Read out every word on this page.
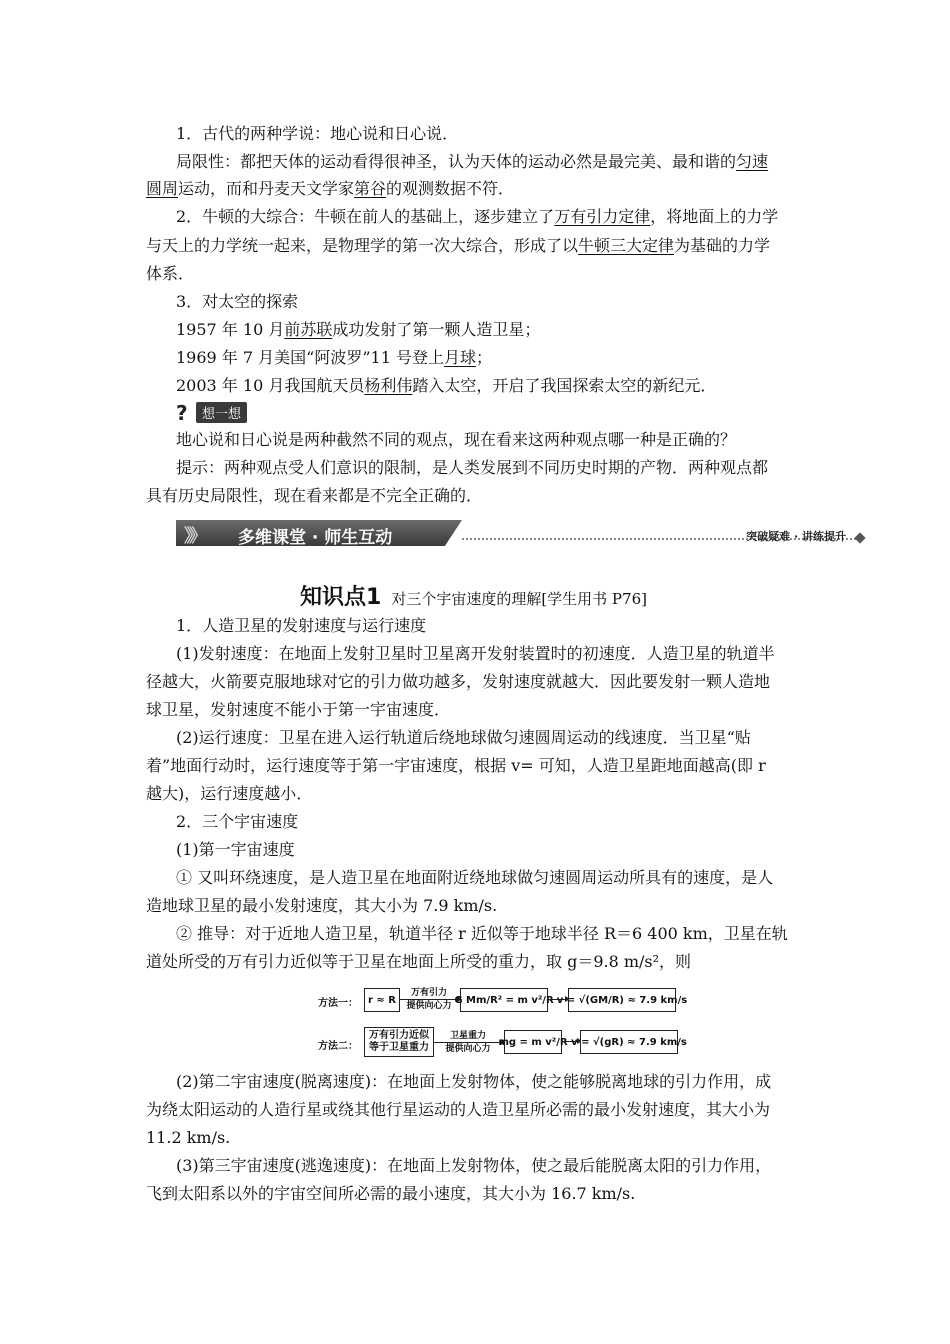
1．古代的两种学说：地心说和日心说．
局限性：都把天体的运动看得很神圣，认为天体的运动必然是最完美、最和谐的匀速
圆周运动，而和丹麦天文学家第谷的观测数据不符．
2．牛顿的大综合：牛顿在前人的基础上，逐步建立了万有引力定律，将地面上的力学
与天上的力学统一起来，是物理学的第一次大综合，形成了以牛顿三大定律为基础的力学
体系．
3．对太空的探索
1957 年 10 月前苏联成功发射了第一颗人造卫星；
1969 年 7 月美国“阿波罗”11 号登上月球；
2003 年 10 月我国航天员杨利伟踏入太空，开启了我国探索太空的新纪元．
?	想一想
地心说和日心说是两种截然不同的观点，现在看来这两种观点哪一种是正确的？
提示：两种观点受人们意识的限制，是人类发展到不同历史时期的产物．两种观点都
具有历史局限性，现在看来都是不完全正确的．
》》 多维课堂 · 师生互动	突破疑难 · 讲练提升
知识点1 对三个宇宙速度的理解[学生用书 P76]
1．人造卫星的发射速度与运行速度
(1)发射速度：在地面上发射卫星时卫星离开发射装置时的初速度．人造卫星的轨道半
径越大，火箭要克服地球对它的引力做功越多，发射速度就越大．因此要发射一颗人造地
球卫星，发射速度不能小于第一宇宙速度．
(2)运行速度：卫星在进入运行轨道后绕地球做匀速圆周运动的线速度．当卫星“贴
着”地面行动时，运行速度等于第一宇宙速度，根据 v= 可知，人造卫星距地面越高(即 r
越大)，运行速度越小．
2．三个宇宙速度
(1)第一宇宙速度
① 又叫环绕速度，是人造卫星在地面附近绕地球做匀速圆周运动所具有的速度，是人
造地球卫星的最小发射速度，其大小为 7.9 km/s.
② 推导：对于近地人造卫星，轨道半径 r 近似等于地球半径 R＝6 400 km，卫星在轨
道处所受的万有引力近似等于卫星在地面上所受的重力，取 g＝9.8 m/s²，则
方法一：	r ≈ R
万有引力
提供向心力
G Mm/R² = m v²/R
v = √(GM/R) ≈ 7.9 km/s
方法二：
万有引力近似
等于卫星重力
卫星重力
提供向心力
mg = m v²/R
v = √(gR) ≈ 7.9 km/s
(2)第二宇宙速度(脱离速度)：在地面上发射物体，使之能够脱离地球的引力作用，成
为绕太阳运动的人造行星或绕其他行星运动的人造卫星所必需的最小发射速度，其大小为
11.2 km/s.
(3)第三宇宙速度(逃逸速度)：在地面上发射物体，使之最后能脱离太阳的引力作用，
飞到太阳系以外的宇宙空间所必需的最小速度，其大小为 16.7 km/s.
